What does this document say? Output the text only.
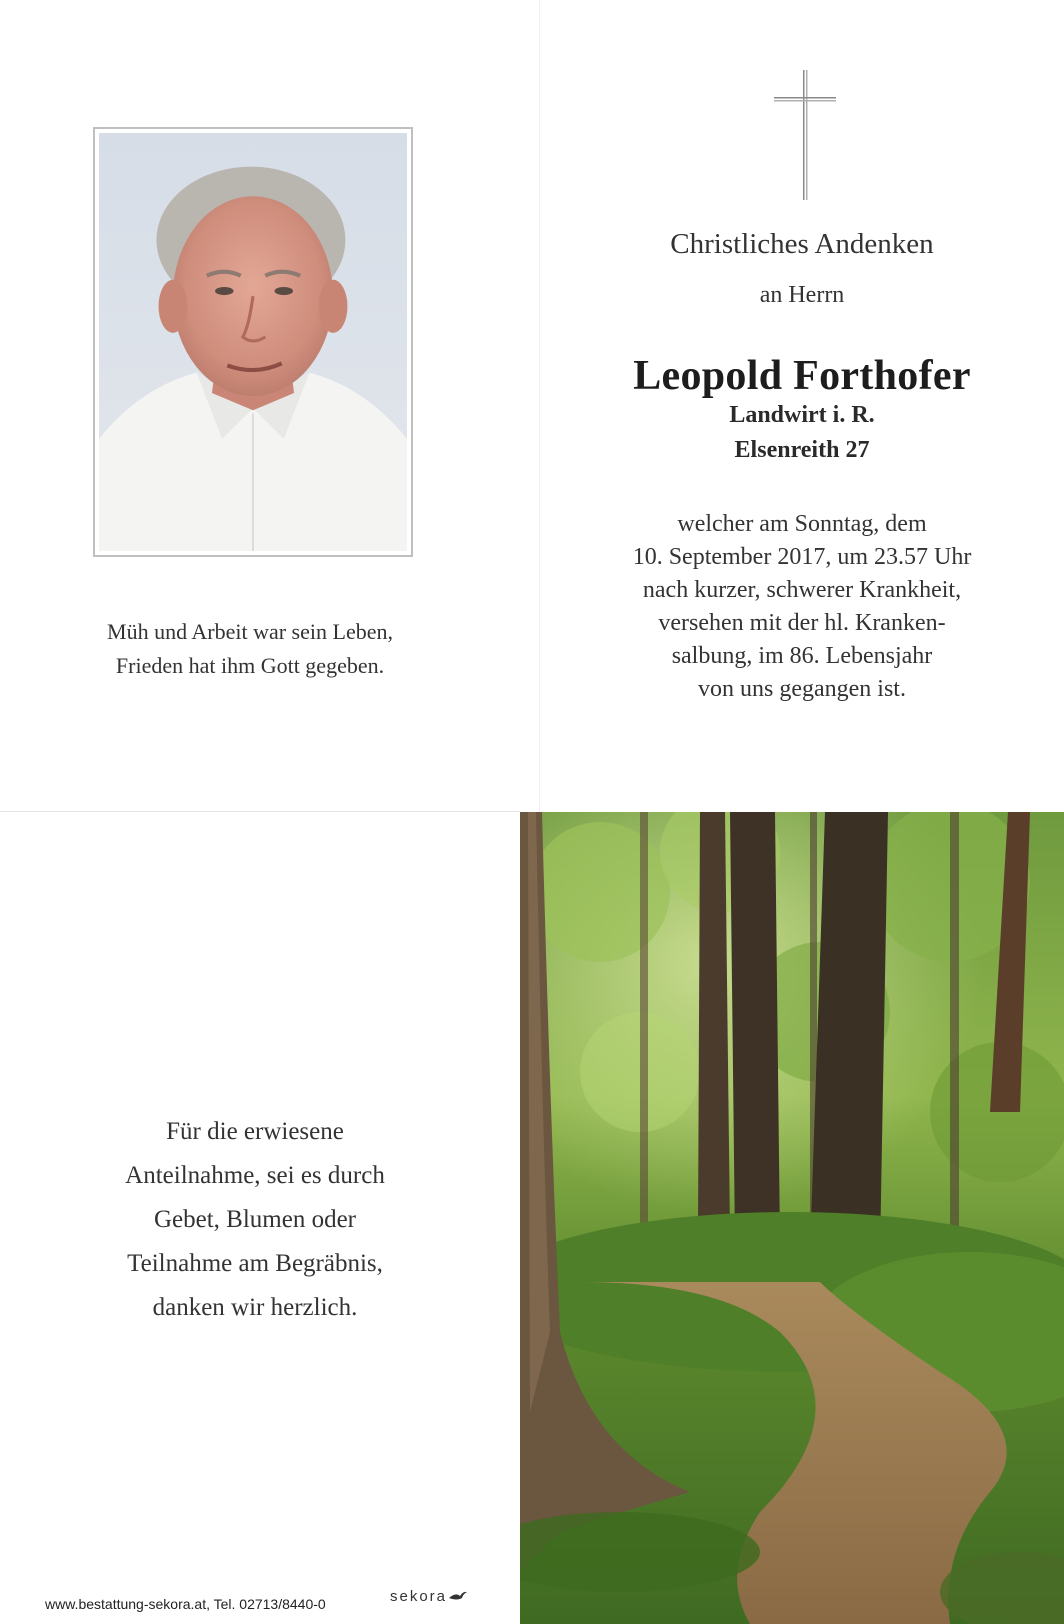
Müh und Arbeit war sein Leben,
Frieden hat ihm Gott gegeben.
Christliches Andenken
an Herrn
Leopold Forthofer
Landwirt i. R.
Elsenreith 27
welcher am Sonntag, dem
10. September 2017, um 23.57 Uhr
nach kurzer, schwerer Krankheit,
versehen mit der hl. Kranken-
salbung, im 86. Lebensjahr
von uns gegangen ist.
Für die erwiesene
Anteilnahme, sei es durch
Gebet, Blumen oder
Teilnahme am Begräbnis,
danken wir herzlich.
www.bestattung-sekora.at, Tel. 02713/8440-0	sekora
